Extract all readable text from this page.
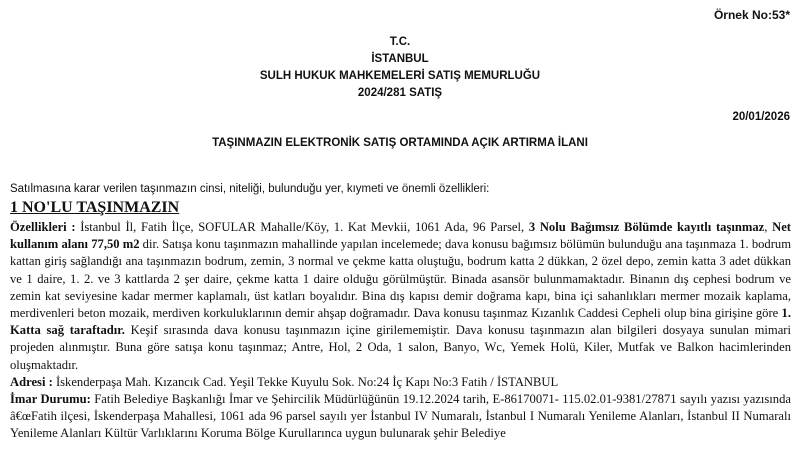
Örnek No:53*
T.C.
İSTANBUL
SULH HUKUK MAHKEMELERİ SATIŞ MEMURLUĞU
2024/281 SATIŞ
20/01/2026
TAŞINMAZIN ELEKTRONİK SATIŞ ORTAMINDA AÇIK ARTIRMA İLANI
Satılmasına karar verilen taşınmazın cinsi, niteliği, bulunduğu yer, kıymeti ve önemli özellikleri:
1 NO'LU TAŞINMAZIN

Özellikleri : İstanbul İl, Fatih İlçe, SOFULAR Mahalle/Köy, 1. Kat Mevkii, 1061 Ada, 96 Parsel, 3 Nolu Bağımsız Bölümde kayıtlı taşınmaz, Net kullanım alanı 77,50 m2 dir. Satışa konu taşınmazın mahallinde yapılan incelemede; dava konusu bağımsız bölümün bulunduğu ana taşınmaza 1. bodrum kattan giriş sağlandığı ana taşınmazın bodrum, zemin, 3 normal ve çekme katta oluştuğu, bodrum katta 2 dükkan, 2 özel depo, zemin katta 3 adet dükkan ve 1 daire, 1. 2. ve 3 kattlarda 2 şer daire, çekme katta 1 daire olduğu görülmüştür. Binada asansör bulunmamaktadır. Binanın dış cephesi bodrum ve zemin kat seviyesine kadar mermer kaplamalı, üst katları boyalıdır. Bina dış kapısı demir doğrama kapı, bina içi sahanlıkları mermer mozaik kaplama, merdivenleri beton mozaik, merdiven korkuluklarının demir ahşap doğramadır. Dava konusu taşınmaz Kızanlık Caddesi Cepheli olup bina girişine göre 1. Katta sağ taraftadır. Keşif sırasında dava konusu taşınmazın içine girilememiştir. Dava konusu taşınmazın alan bilgileri dosyaya sunulan mimari projeden alınmıştır. Buna göre satışa konu taşınmaz; Antre, Hol, 2 Oda, 1 salon, Banyo, Wc, Yemek Holü, Kiler, Mutfak ve Balkon hacimlerinden oluşmaktadır.

Adresi : İskenderpaşa Mah. Kızancık Cad. Yeşil Tekke Kuyulu Sok. No:24 İç Kapı No:3 Fatih / İSTANBUL

İmar Durumu: Fatih Belediye Başkanlığı İmar ve Şehircilik Müdürlüğünün 19.12.2024 tarih, E-86170071- 115.02.01-9381/27871 sayılı yazısı yazısında â€œFatih ilçesi, İskenderpaşa Mahallesi, 1061 ada 96 parsel sayılı yer İstanbul IV Numaralı, İstanbul I Numaralı Yenileme Alanları, İstanbul II Numaralı Yenileme Alanları Kültür Varlıklarını Koruma Bölge Kurullarınca uygun bulunarak şehir Belediye
